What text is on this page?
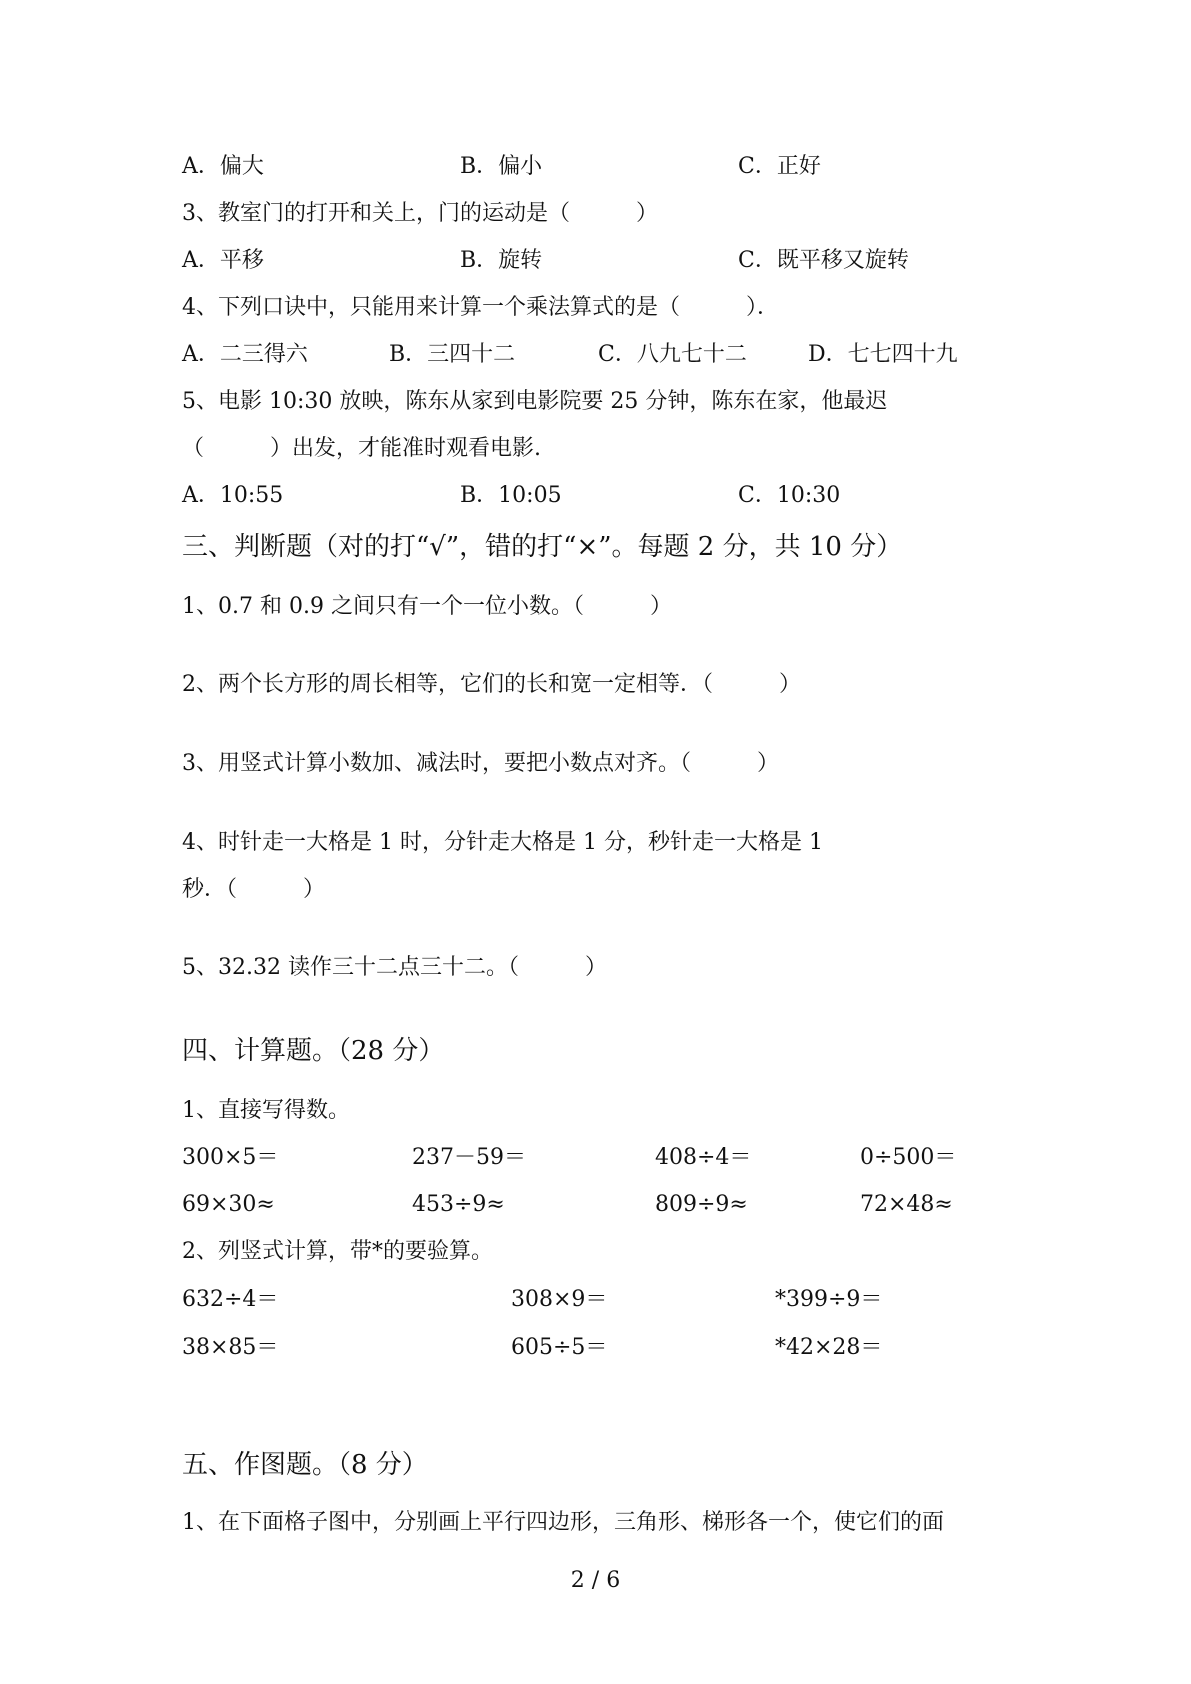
A．偏大	B．偏小	C．正好
3、教室门的打开和关上，门的运动是（　　　）
A．平移	B．旋转	C．既平移又旋转
4、下列口诀中，只能用来计算一个乘法算式的是（　　　）．
A．二三得六	B．三四十二	C．八九七十二	D．七七四十九
5、电影 10:30 放映，陈东从家到电影院要 25 分钟，陈东在家，他最迟
（　　　）出发，才能准时观看电影.
A．10:55	B．10:05	C．10:30
三、判断题（对的打“√”，错的打“×”。每题 2 分，共 10 分）
1、0.7 和 0.9 之间只有一个一位小数。（　　　）
2、两个长方形的周长相等，它们的长和宽一定相等．（　　　）
3、用竖式计算小数加、减法时，要把小数点对齐。（　　　）
4、时针走一大格是 1 时，分针走大格是 1 分，秒针走一大格是 1
秒．（　　　）
5、32.32 读作三十二点三十二。（　　　）
四、计算题。（28 分）
1、直接写得数。
300×5＝	237－59＝	408÷4＝	0÷500＝
69×30≈	453÷9≈	809÷9≈	72×48≈
2、列竖式计算，带*的要验算。
632÷4＝	308×9＝	*399÷9＝
38×85＝	605÷5＝	*42×28＝
五、作图题。（8 分）
1、在下面格子图中，分别画上平行四边形，三角形、梯形各一个，使它们的面
2 / 6
